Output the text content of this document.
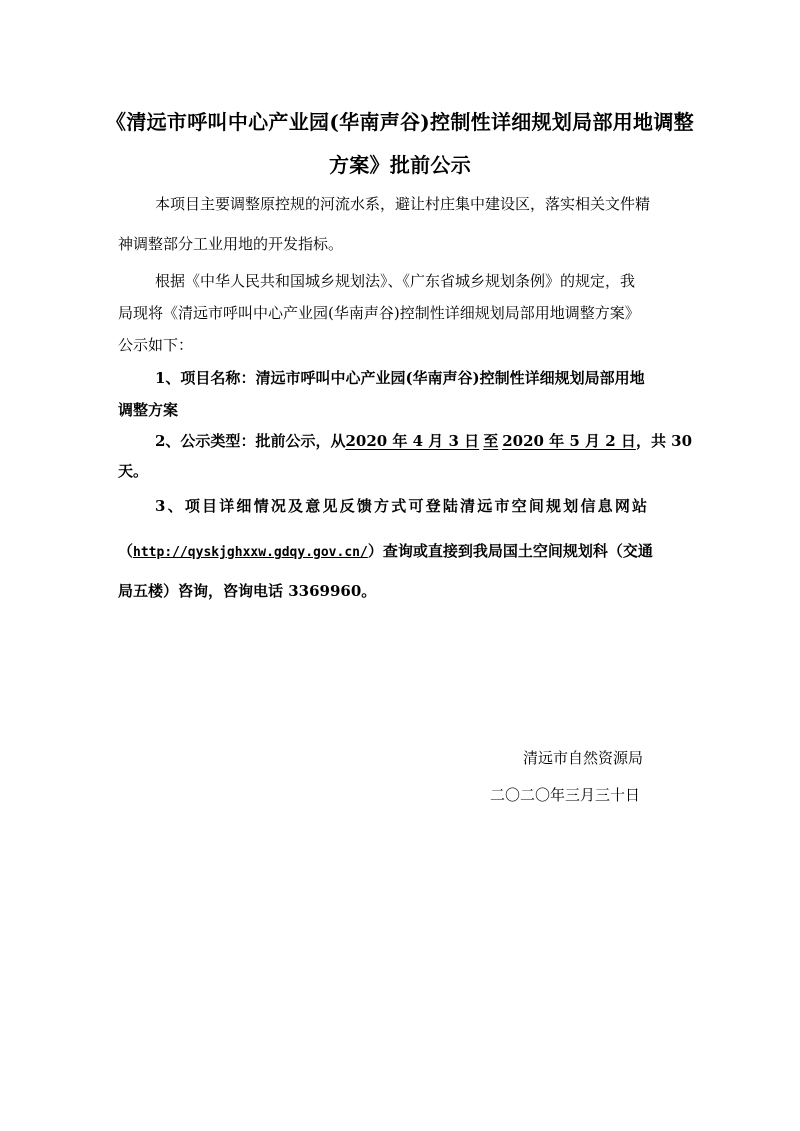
《清远市呼叫中心产业园(华南声谷)控制性详细规划局部用地调整
方案》批前公示
本项目主要调整原控规的河流水系，避让村庄集中建设区，落实相关文件精
神调整部分工业用地的开发指标。
根据《中华人民共和国城乡规划法》、《广东省城乡规划条例》的规定，我
局现将《清远市呼叫中心产业园(华南声谷)控制性详细规划局部用地调整方案》
公示如下：
1、项目名称：清远市呼叫中心产业园(华南声谷)控制性详细规划局部用地
调整方案
2、公示类型：批前公示，从2020 年 4 月 3 日 至 2020 年 5 月 2 日，共 30
天。
3、项目详细情况及意见反馈方式可登陆清远市空间规划信息网站
（http://qyskjghxxw.gdqy.gov.cn/）查询或直接到我局国土空间规划科（交通
局五楼）咨询，咨询电话 3369960。
清远市自然资源局
二〇二〇年三月三十日
